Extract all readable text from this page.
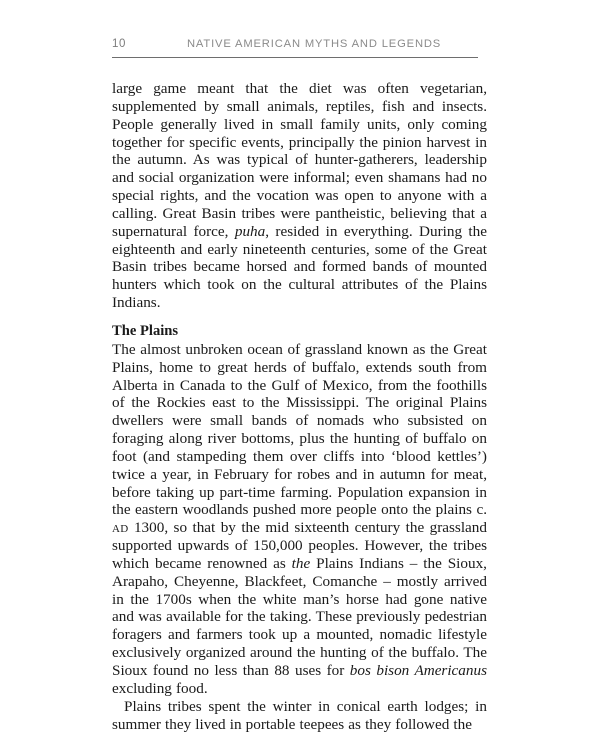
10	NATIVE AMERICAN MYTHS AND LEGENDS

large game meant that the diet was often vegetarian, supplemented by small animals, reptiles, fish and insects. People generally lived in small family units, only coming together for specific events, principally the pinion harvest in the autumn. As was typical of hunter-gatherers, leadership and social organization were informal; even shamans had no special rights, and the vocation was open to anyone with a calling. Great Basin tribes were pantheistic, believing that a supernatural force, puha, resided in everything. During the eighteenth and early nineteenth centuries, some of the Great Basin tribes became horsed and formed bands of mounted hunters which took on the cultural attributes of the Plains Indians.

The Plains

The almost unbroken ocean of grassland known as the Great Plains, home to great herds of buffalo, extends south from Alberta in Canada to the Gulf of Mexico, from the foothills of the Rockies east to the Mississippi. The original Plains dwellers were small bands of nomads who subsisted on foraging along river bottoms, plus the hunting of buffalo on foot (and stampeding them over cliffs into ‘blood kettles’) twice a year, in February for robes and in autumn for meat, before taking up part-time farming. Population expansion in the eastern woodlands pushed more people onto the plains c. ad 1300, so that by the mid sixteenth century the grassland supported upwards of 150,000 peoples. However, the tribes which became renowned as the Plains Indians – the Sioux, Arapaho, Cheyenne, Blackfeet, Comanche – mostly arrived in the 1700s when the white man’s horse had gone native and was available for the taking. These previously pedestrian foragers and farmers took up a mounted, nomadic lifestyle exclusively organized around the hunting of the buffalo. The Sioux found no less than 88 uses for bos bison Americanus excluding food.

Plains tribes spent the winter in conical earth lodges; in summer they lived in portable teepees as they followed the
